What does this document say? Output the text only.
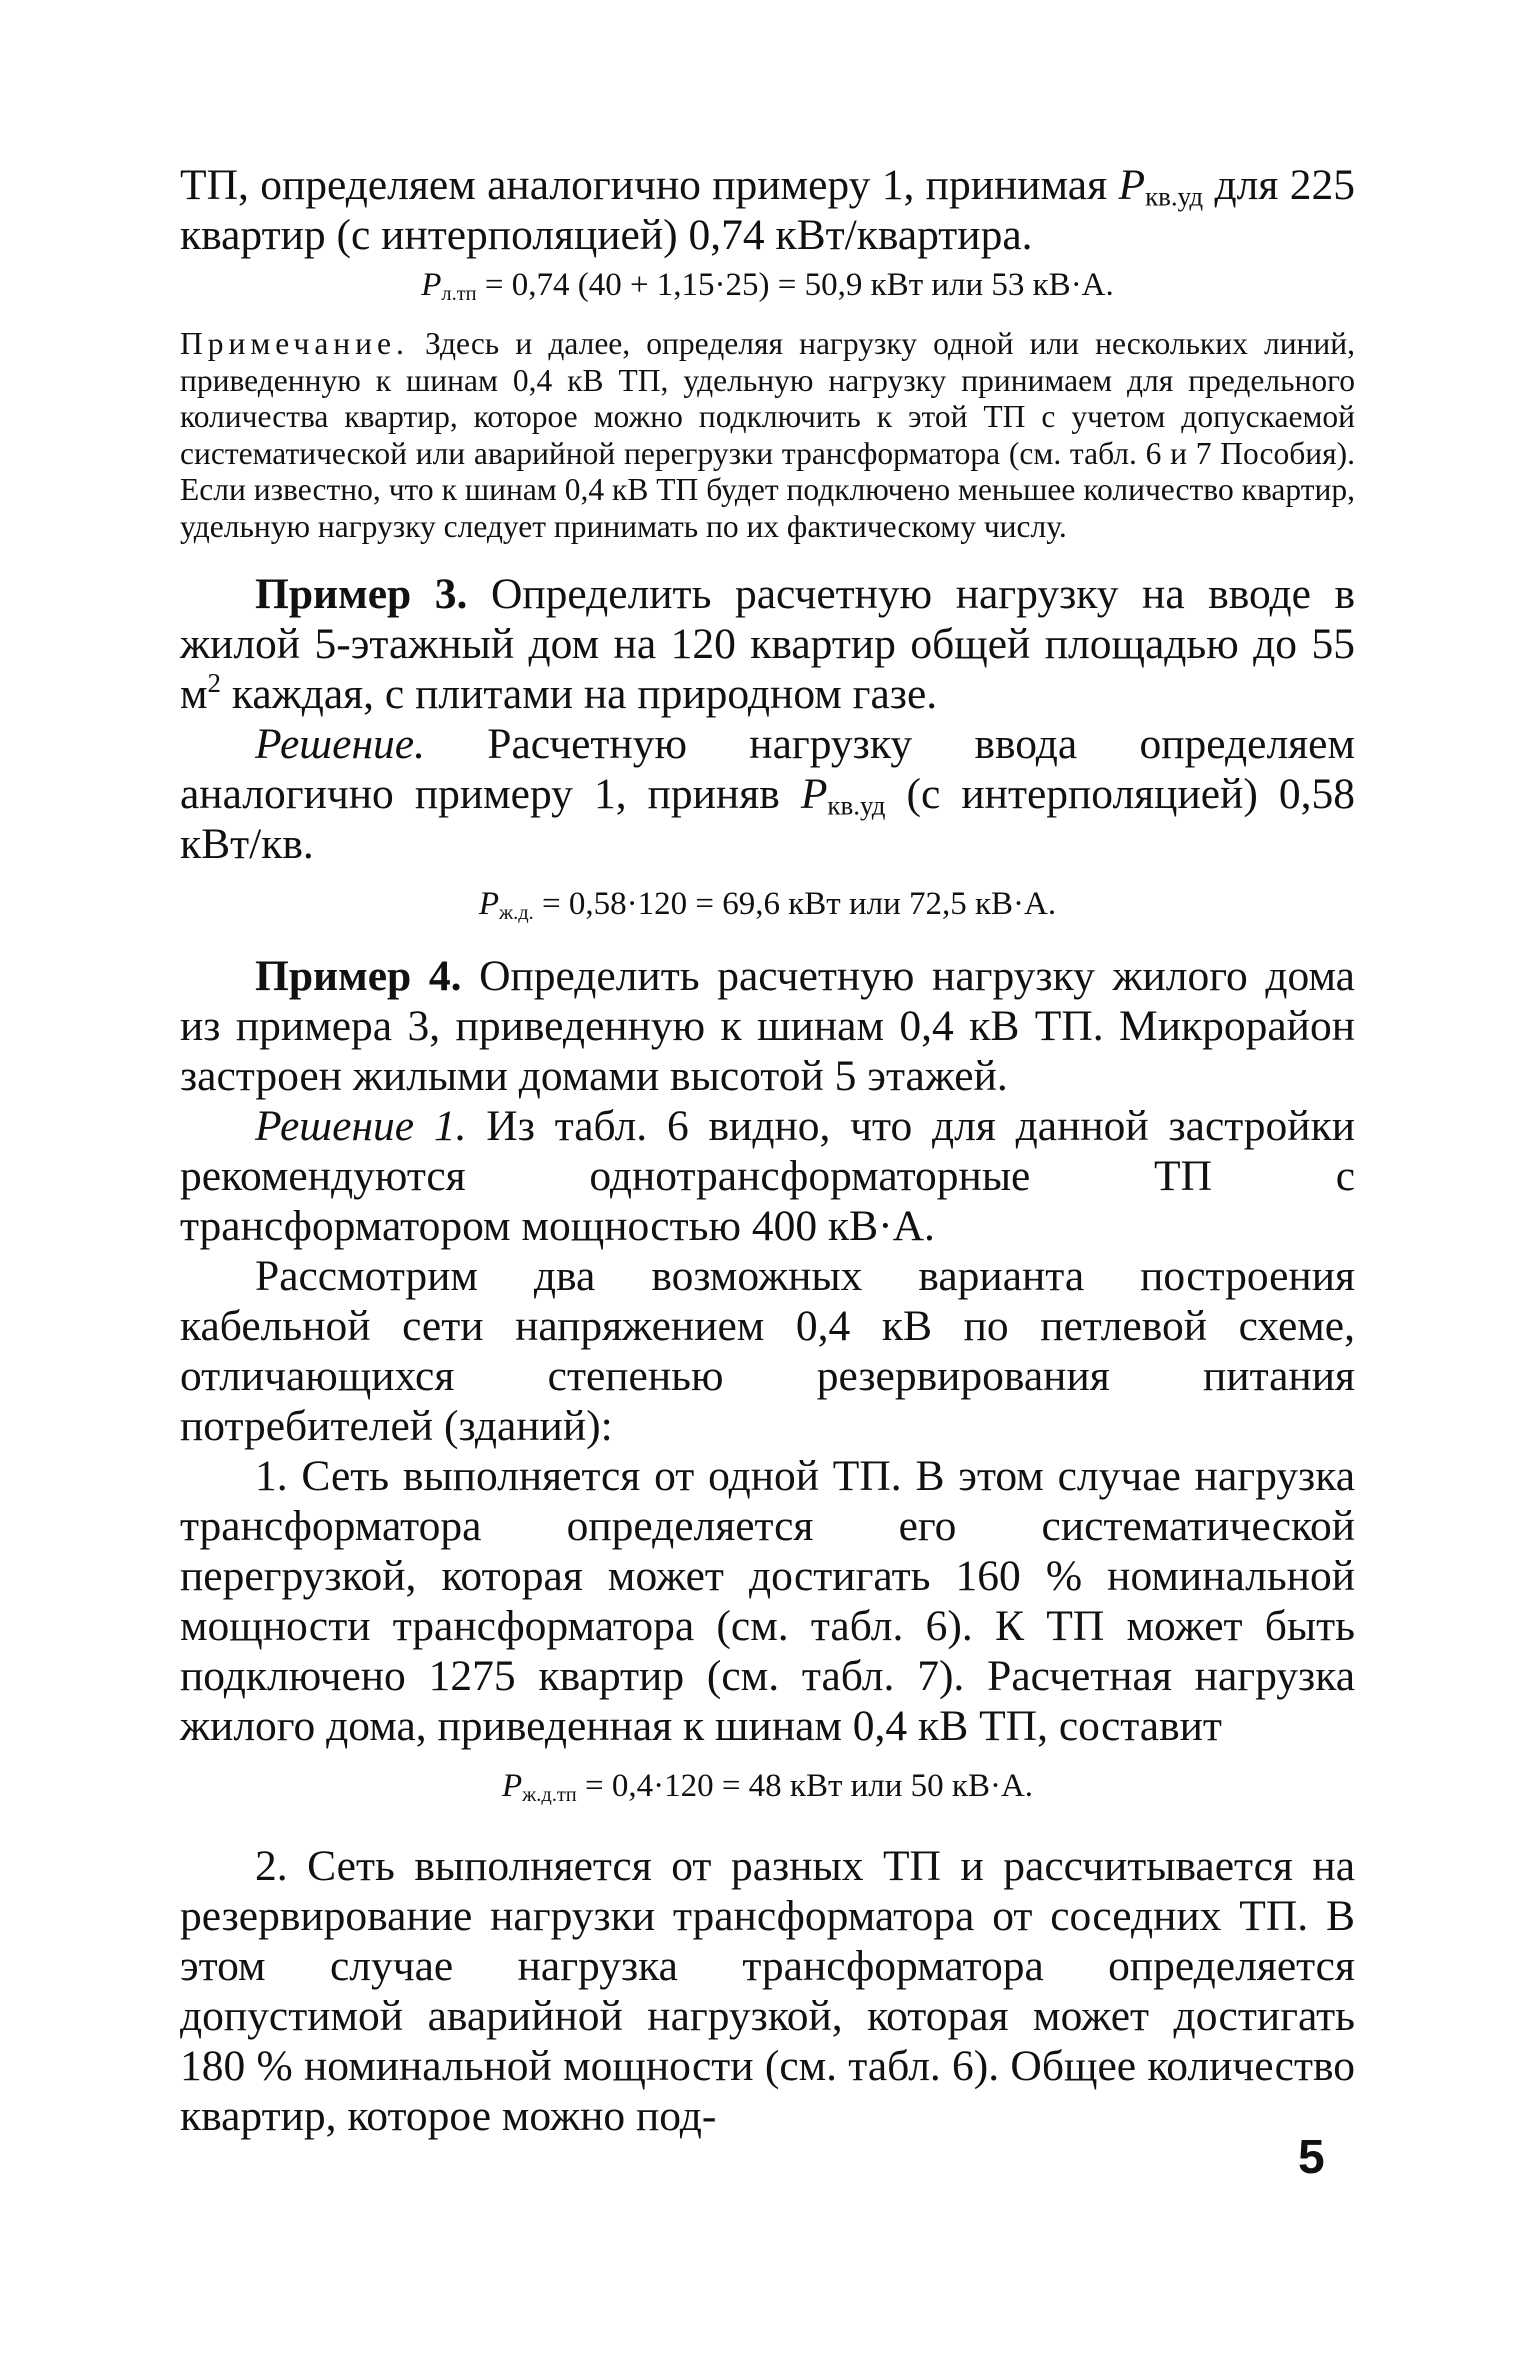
ТП, определяем аналогично примеру 1, принимая $P_{кв.уд}$ для 225 квартир (с интерполяцией) 0,74 кВт/квартира.

$P_{л.тп} = 0,74$ (40 + 1,15·25) = 50,9 кВт или 53 кВ·А.

Примечание. Здесь и далее, определяя нагрузку одной или нескольких линий, приведенную к шинам 0,4 кВ ТП, удельную нагрузку принимаем для предельного количества квартир, которое можно подключить к этой ТП с учетом допускаемой систематической или аварийной перегрузки трансформатора (см. табл. 6 и 7 Пособия). Если известно, что к шинам 0,4 кВ ТП будет подключено меньшее количество квартир, удельную нагрузку следует принимать по их фактическому числу.

Пример 3. Определить расчетную нагрузку на вводе в жилой 5-этажный дом на 120 квартир общей площадью до 55 $м^2$ каждая, с плитами на природном газе.

Решение. Расчетную нагрузку ввода определяем аналогично примеру 1, приняв $P_{кв.уд}$ (с интерполяцией) 0,58 кВт/кв.

$P_{ж.д.} = 0,58\cdot 120 = 69,6$ кВт или 72,5 кВ·А.

Пример 4. Определить расчетную нагрузку жилого дома из примера 3, приведенную к шинам 0,4 кВ ТП. Микрорайон застроен жилыми домами высотой 5 этажей.

Решение 1. Из табл. 6 видно, что для данной застройки рекомендуются однотрансформаторные ТП с трансформатором мощностью 400 кВ·А.

Рассмотрим два возможных варианта построения кабельной сети напряжением 0,4 кВ по петлевой схеме, отличающихся степенью резервирования питания потребителей (зданий):

1. Сеть выполняется от одной ТП. В этом случае нагрузка трансформатора определяется его систематической перегрузкой, которая может достигать 160 % номинальной мощности трансформатора (см. табл. 6). К ТП может быть подключено 1275 квартир (см. табл. 7). Расчетная нагрузка жилого дома, приведенная к шинам 0,4 кВ ТП, составит

$P_{ж.д.тп} = 0,4\cdot 120 = 48$ кВт или 50 кВ·А.

2. Сеть выполняется от разных ТП и рассчитывается на резервирование нагрузки трансформатора от соседних ТП. В этом случае нагрузка трансформатора определяется допустимой аварийной нагрузкой, которая может достигать 180 % номинальной мощности (см. табл. 6). Общее количество квартир, которое можно под-

5
